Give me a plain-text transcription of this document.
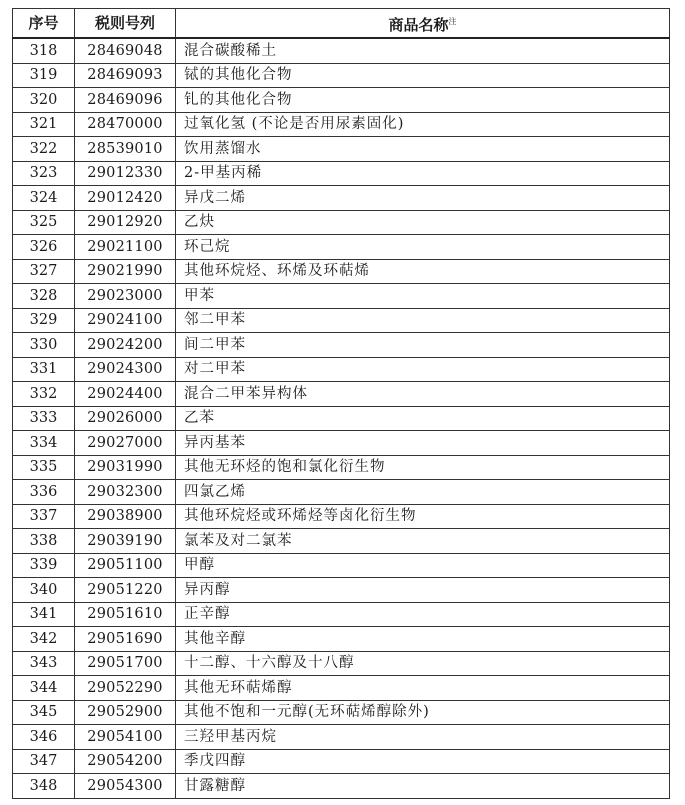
序号	税则号列	商品名称$^注$
318	28469048	混合碳酸稀土
319	28469093	铽的其他化合物
320	28469096	钆的其他化合物
321	28470000	过氧化氢 (不论是否用尿素固化)
322	28539010	饮用蒸馏水
323	29012330	2-甲基丙稀
324	29012420	异戊二烯
325	29012920	乙炔
326	29021100	环己烷
327	29021990	其他环烷烃、环烯及环萜烯
328	29023000	甲苯
329	29024100	邻二甲苯
330	29024200	间二甲苯
331	29024300	对二甲苯
332	29024400	混合二甲苯异构体
333	29026000	乙苯
334	29027000	异丙基苯
335	29031990	其他无环烃的饱和氯化衍生物
336	29032300	四氯乙烯
337	29038900	其他环烷烃或环烯烃等卤化衍生物
338	29039190	氯苯及对二氯苯
339	29051100	甲醇
340	29051220	异丙醇
341	29051610	正辛醇
342	29051690	其他辛醇
343	29051700	十二醇、十六醇及十八醇
344	29052290	其他无环萜烯醇
345	29052900	其他不饱和一元醇(无环萜烯醇除外)
346	29054100	三羟甲基丙烷
347	29054200	季戊四醇
348	29054300	甘露糖醇
